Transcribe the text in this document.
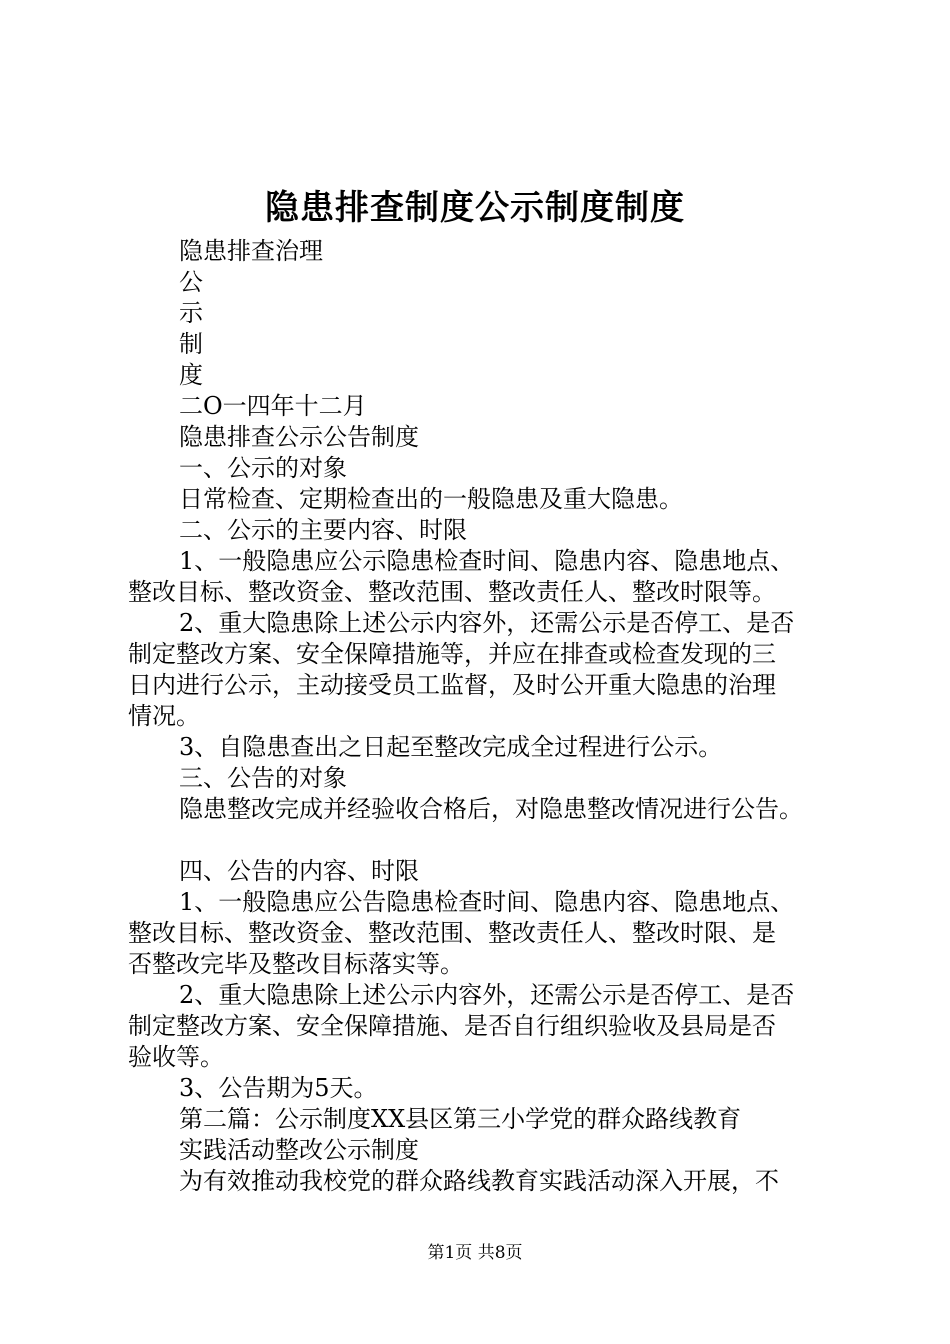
隐患排查制度公示制度制度
隐患排查治理
公
示
制
度
二O一四年十二月
隐患排查公示公告制度
一、公示的对象
日常检查、定期检查出的一般隐患及重大隐患。
二、公示的主要内容、时限
1、一般隐患应公示隐患检查时间、隐患内容、隐患地点、
整改目标、整改资金、整改范围、整改责任人、整改时限等。
2、重大隐患除上述公示内容外，还需公示是否停工、是否
制定整改方案、安全保障措施等，并应在排查或检查发现的三
日内进行公示，主动接受员工监督，及时公开重大隐患的治理
情况。
3、自隐患查出之日起至整改完成全过程进行公示。
三、公告的对象
隐患整改完成并经验收合格后，对隐患整改情况进行公告。
四、公告的内容、时限
1、一般隐患应公告隐患检查时间、隐患内容、隐患地点、
整改目标、整改资金、整改范围、整改责任人、整改时限、是
否整改完毕及整改目标落实等。
2、重大隐患除上述公示内容外，还需公示是否停工、是否
制定整改方案、安全保障措施、是否自行组织验收及县局是否
验收等。
3、公告期为5天。
第二篇：公示制度XX县区第三小学党的群众路线教育
实践活动整改公示制度
为有效推动我校党的群众路线教育实践活动深入开展，不
第1页 共8页
